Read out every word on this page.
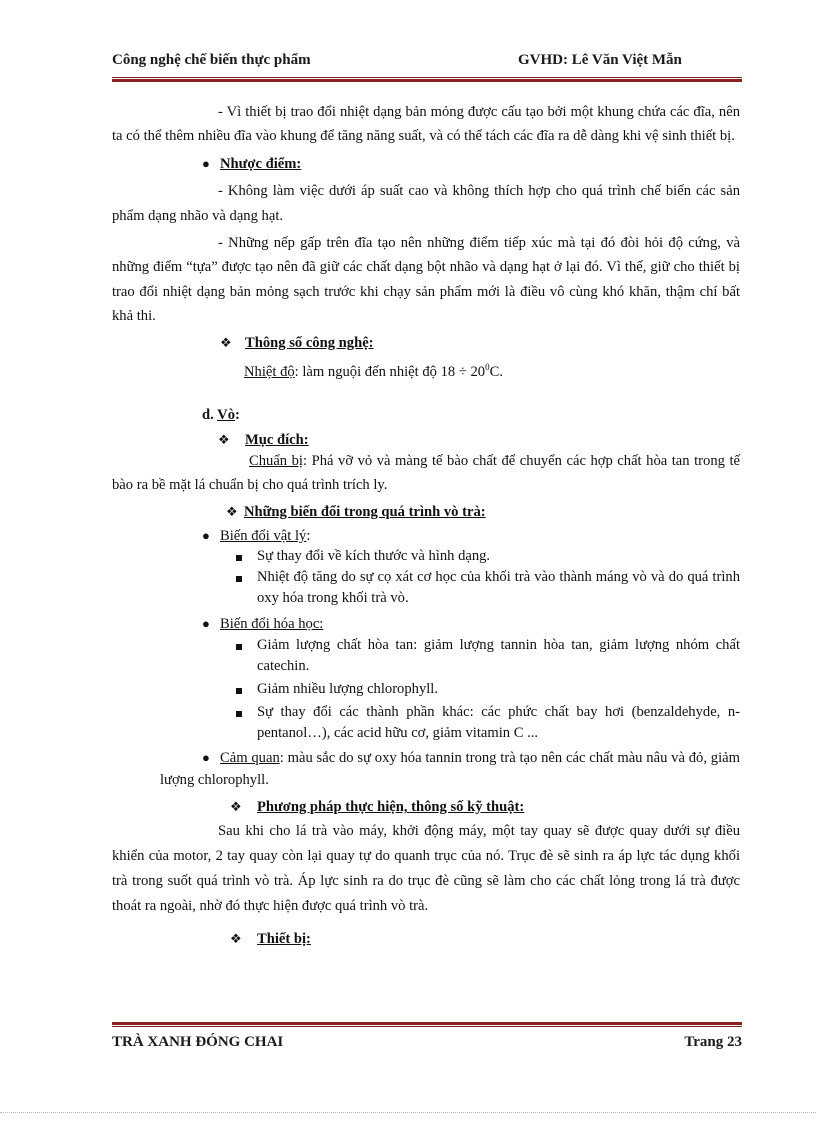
Công nghệ chế biến thực phẩm	GVHD: Lê Văn Việt Mẫn

- Vì thiết bị trao đổi nhiệt dạng bản mỏng được cấu tạo bởi một khung chứa các đĩa, nên ta có thể thêm nhiều đĩa vào khung để tăng năng suất, và có thể tách các đĩa ra dễ dàng khi vệ sinh thiết bị.

● Nhược điểm:

- Không làm việc dưới áp suất cao và không thích hợp cho quá trình chế biến các sản phẩm dạng nhão và dạng hạt.

- Những nếp gấp trên đĩa tạo nên những điểm tiếp xúc mà tại đó đòi hỏi độ cứng, và những điểm “tựa” được tạo nên đã giữ các chất dạng bột nhão và dạng hạt ở lại đó. Vì thế, giữ cho thiết bị trao đổi nhiệt dạng bản mỏng sạch trước khi chạy sản phẩm mới là điều vô cùng khó khăn, thậm chí bất khả thi.

❖ Thông số công nghệ:
Nhiệt độ: làm nguội đến nhiệt độ $18 \div 20^0C$.
d. Vò:
❖ Mục đích:

Chuẩn bị: Phá vỡ vỏ và màng tế bào chất để chuyển các hợp chất hòa tan trong tế bào ra bề mặt lá chuẩn bị cho quá trình trích ly.

❖ Những biến đổi trong quá trình vò trà:
● Biến đổi vật lý:
Sự thay đổi về kích thước và hình dạng.
Nhiệt độ tăng do sự cọ xát cơ học của khối trà vào thành máng vò và do quá trình oxy hóa trong khối trà vò.
● Biến đổi hóa học:
Giảm lượng chất hòa tan: giảm lượng tannin hòa tan, giảm lượng nhóm chất catechin.
Giảm nhiều lượng chlorophyll.
Sự thay đổi các thành phần khác: các phức chất bay hơi (benzaldehyde, n-pentanol…), các acid hữu cơ, giảm vitamin C ...
● Cảm quan: màu sắc do sự oxy hóa tannin trong trà tạo nên các chất màu nâu và đỏ, giảm lượng chlorophyll.

❖ Phương pháp thực hiện, thông số kỹ thuật:

Sau khi cho lá trà vào máy, khởi động máy, một tay quay sẽ được quay dưới sự điều khiển của motor, 2 tay quay còn lại quay tự do quanh trục của nó. Trục đè sẽ sinh ra áp lực tác dụng khối trà trong suốt quá trình vò trà. Áp lực sinh ra do trục đè cũng sẽ làm cho các chất lỏng trong lá trà được thoát ra ngoài, nhờ đó thực hiện được quá trình vò trà.

❖ Thiết bị:
TRÀ XANH ĐÓNG CHAI	Trang 23
